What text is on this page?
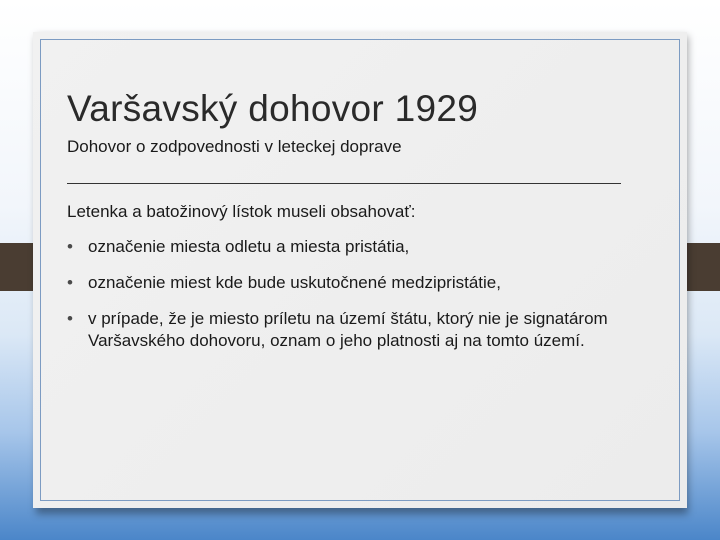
Varšavský dohovor 1929

Dohovor o zodpovednosti v leteckej doprave

Letenka a batožinový lístok museli obsahovať:

• označenie miesta odletu a miesta pristátia,
• označenie miest kde bude uskutočnené medzipristátie,
• v prípade, že je miesto príletu na území štátu, ktorý nie je signatárom Varšavského dohovoru, oznam o jeho platnosti aj na tomto území.
